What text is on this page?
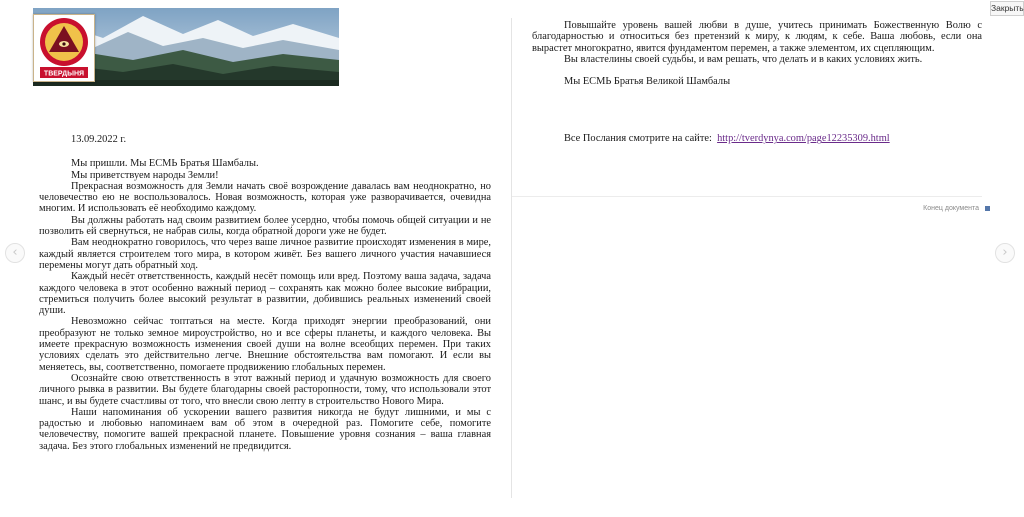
ТВЕРДЫНЯ

13.09.2022 г.

Мы пришли. Мы ЕСМЬ Братья Шамбалы.

Мы приветствуем народы Земли!

Прекрасная возможность для Земли начать своё возрождение давалась вам неоднократно, но человечество ею не воспользовалось. Новая возможность, которая уже разворачивается, очевидна многим. И использовать её необходимо каждому.

Вы должны работать над своим развитием более усердно, чтобы помочь общей ситуации и не позволить ей свернуться, не набрав силы, когда обратной дороги уже не будет.

Вам неоднократно говорилось, что через ваше личное развитие происходят изменения в мире, каждый является строителем того мира, в котором живёт. Без вашего личного участия начавшиеся перемены могут дать обратный ход.

Каждый несёт ответственность, каждый несёт помощь или вред. Поэтому ваша задача, задача каждого человека в этот особенно важный период – сохранять как можно более высокие вибрации, стремиться получить более высокий результат в развитии, добившись реальных изменений своей души.

Невозможно сейчас топтаться на месте. Когда приходят энергии преобразований, они преобразуют не только земное мироустройство, но и все сферы планеты, и каждого человека. Вы имеете прекрасную возможность изменения своей души на волне всеобщих перемен. При таких условиях сделать это действительно легче. Внешние обстоятельства вам помогают. И если вы меняетесь, вы, соответственно, помогаете продвижению глобальных перемен.

Осознайте свою ответственность в этот важный период и удачную возможность для своего личного рывка в развитии. Вы будете благодарны своей расторопности, тому, что использовали этот шанс, и вы будете счастливы от того, что внесли свою лепту в строительство Нового Мира.

Наши напоминания об ускорении вашего развития никогда не будут лишними, и мы с радостью и любовью напоминаем вам об этом в очередной раз. Помогите себе, помогите человечеству, помогите вашей прекрасной планете. Повышение уровня сознания – ваша главная задача. Без этого глобальных изменений не предвидится.

Повышайте уровень вашей любви в душе, учитесь принимать Божественную Волю с благодарностью и относиться без претензий к миру, к людям, к себе. Ваша любовь, если она вырастет многократно, явится фундаментом перемен, а также элементом, их сцепляющим.

Вы властелины своей судьбы, и вам решать, что делать и в каких условиях жить.

Мы ЕСМЬ Братья Великой Шамбалы

Все Послания смотрите на сайте: http://tverdynya.com/page12235309.html

Конец документа
Закрыть
‹	›
